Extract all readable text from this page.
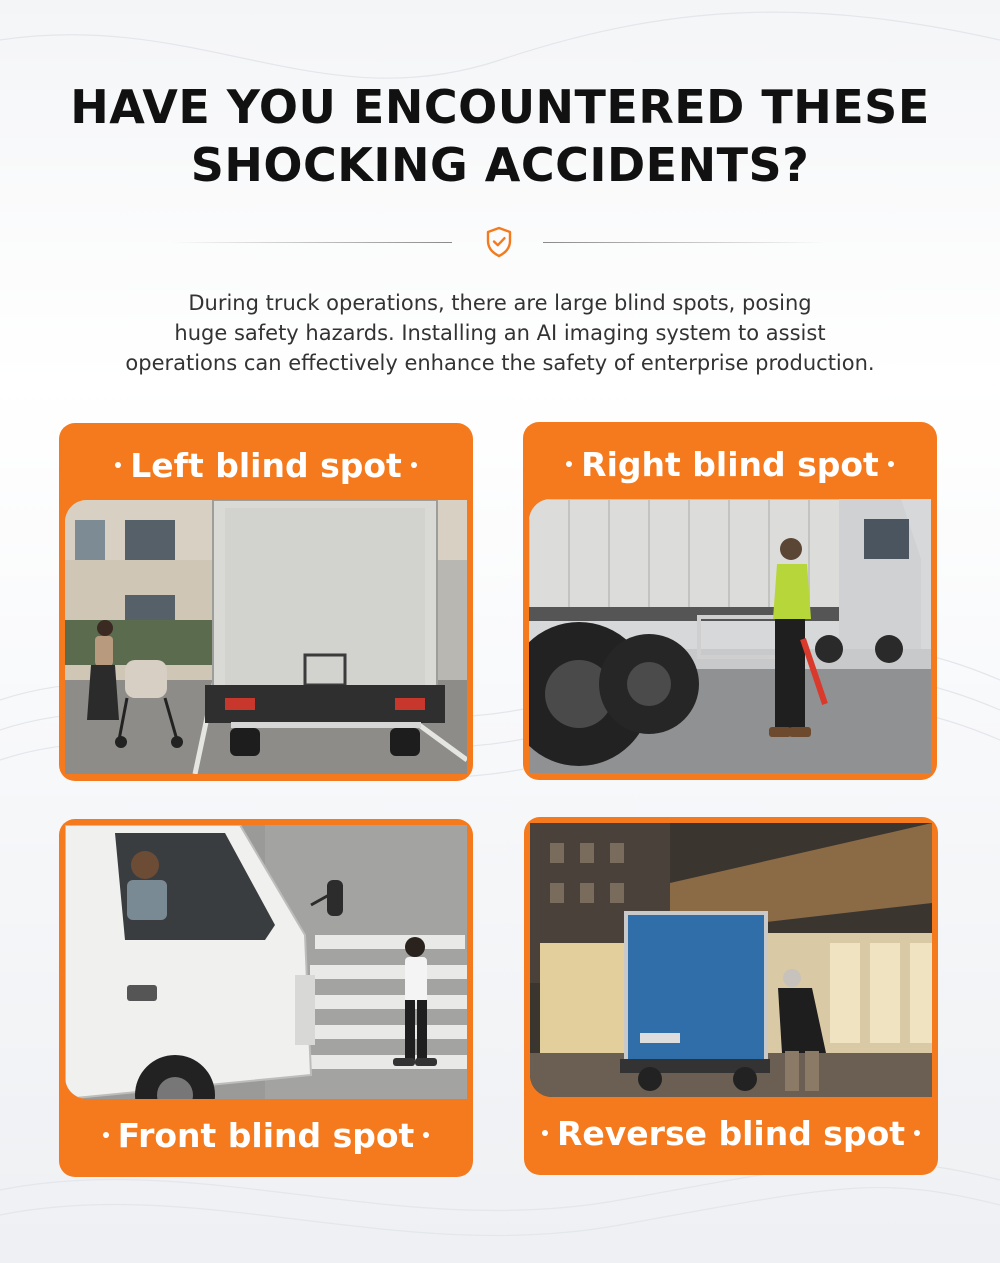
HAVE YOU ENCOUNTERED THESE
SHOCKING ACCIDENTS?
During truck operations, there are large blind spots, posing
huge safety hazards. Installing an AI imaging system to assist
operations can effectively enhance the safety of enterprise production.
Left blind spot	Right blind spot
Front blind spot	Reverse blind spot
